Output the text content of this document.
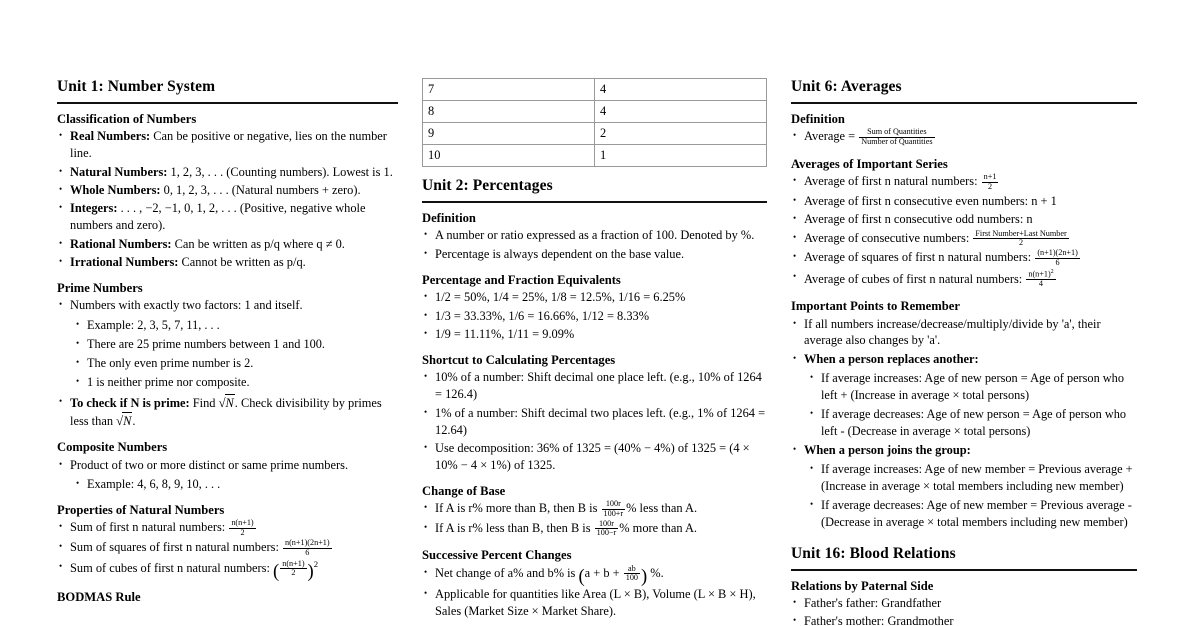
Unit 1: Number System
Classification of Numbers
• Real Numbers: Can be positive or negative, lies on the number line.
• Natural Numbers: 1, 2, 3, . . . (Counting numbers). Lowest is 1.
• Whole Numbers: 0, 1, 2, 3, . . . (Natural numbers + zero).
• Integers: . . . , −2, −1, 0, 1, 2, . . . (Positive, negative whole numbers and zero).
• Rational Numbers: Can be written as p/q where q ≠ 0.
• Irrational Numbers: Cannot be written as p/q.
Prime Numbers
• Numbers with exactly two factors: 1 and itself.
• Example: 2, 3, 5, 7, 11, . . .
• There are 25 prime numbers between 1 and 100.
• The only even prime number is 2.
• 1 is neither prime nor composite.
• To check if N is prime: Find √N. Check divisibility by primes less than √N.
Composite Numbers
• Product of two or more distinct or same prime numbers.
• Example: 4, 6, 8, 9, 10, . . .
Properties of Natural Numbers
• Sum of first n natural numbers: $\frac{n(n+1)}{2}$
• Sum of squares of first n natural numbers: $\frac{n(n+1)(2n+1)}{6}$
• Sum of cubes of first n natural numbers: ( $\frac{n(n+1)}{2} )^2$
BODMAS Rule
7	4
8	4
9	2
10	1
Unit 2: Percentages
Definition
• A number or ratio expressed as a fraction of 100. Denoted by %.
• Percentage is always dependent on the base value.
Percentage and Fraction Equivalents
• 1/2 = 50%, 1/4 = 25%, 1/8 = 12.5%, 1/16 = 6.25%
• 1/3 = 33.33%, 1/6 = 16.66%, 1/12 = 8.33%
• 1/9 = 11.11%, 1/11 = 9.09%
Shortcut to Calculating Percentages
• 10% of a number: Shift decimal one place left. (e.g., 10% of 1264 = 126.4)
• 1% of a number: Shift decimal two places left. (e.g., 1% of 1264 = 12.64)
• Use decomposition: 36% of 1325 = (40% − 4%) of 1325 = (4 × 10% − 4 × 1%) of 1325.
Change of Base
• If A is r% more than B, then B is $\frac{100r}{100+r}$ % less than A.
• If A is r% less than B, then B is $\frac{100r}{100-r}$ % more than A.
Successive Percent Changes
• Net change of a% and b% is ($a + b + \frac{ab}{100}$ ) %.
• Applicable for quantities like Area (L × B), Volume (L × B × H), Sales (Market Size × Market Share).
Unit 6: Averages
Definition
• Average = $\frac{\text{Sum of Quantities}}{\text{Number of Quantities}}$
Averages of Important Series
• Average of first n natural numbers: $\frac{n+1}{2}$
• Average of first n consecutive even numbers: n + 1
• Average of first n consecutive odd numbers: n
• Average of consecutive numbers: $\frac{\text{First Number+Last Number}}{2}$
• Average of squares of first n natural numbers: $\frac{(n+1)(2n+1)}{6}$
• Average of cubes of first n natural numbers: $\frac{n(n+1)^2}{4}$
Important Points to Remember
• If all numbers increase/decrease/multiply/divide by 'a', their average also changes by 'a'.
• When a person replaces another:
• If average increases: Age of new person = Age of person who left + (Increase in average × total persons)
• If average decreases: Age of new person = Age of person who left - (Decrease in average × total persons)
• When a person joins the group:
• If average increases: Age of new member = Previous average + (Increase in average × total members including new member)
• If average decreases: Age of new member = Previous average - (Decrease in average × total members including new member)
Unit 16: Blood Relations
Relations by Paternal Side
• Father's father: Grandfather
• Father's mother: Grandmother
